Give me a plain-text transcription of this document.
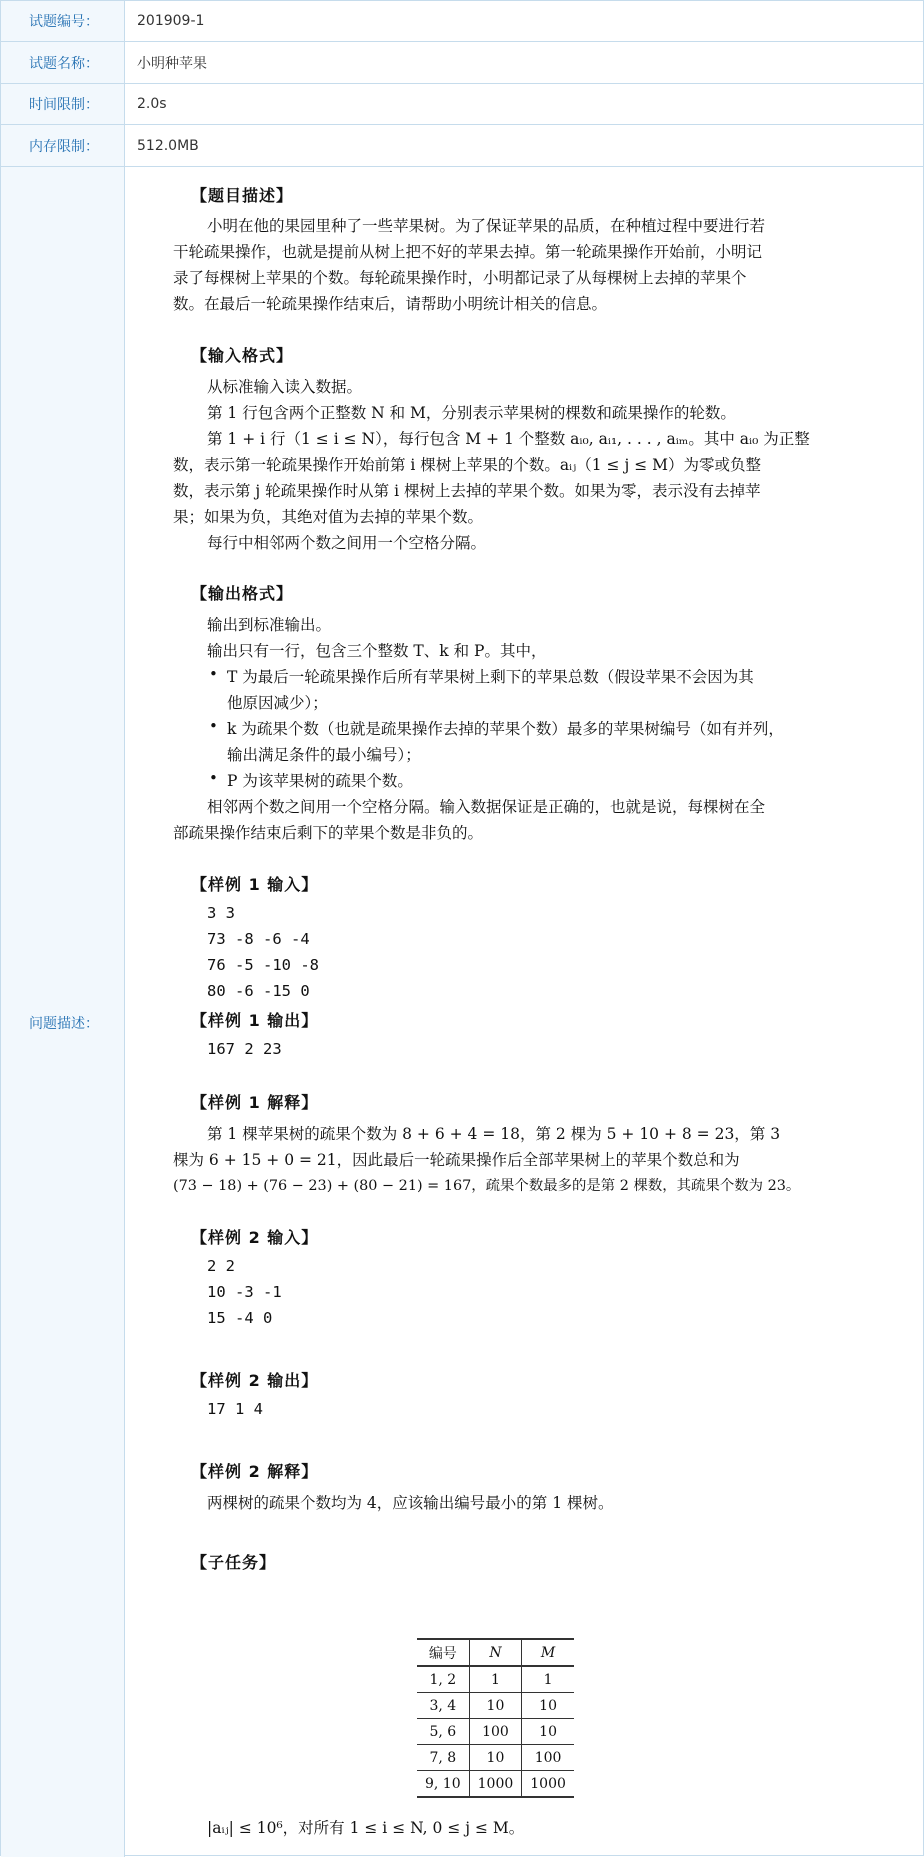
试题编号：	201909-1
试题名称：	小明种苹果
时间限制：	2.0s
内存限制：	512.0MB
问题描述：
【题目描述】
小明在他的果园里种了一些苹果树。为了保证苹果的品质，在种植过程中要进行若
干轮疏果操作，也就是提前从树上把不好的苹果去掉。第一轮疏果操作开始前，小明记
录了每棵树上苹果的个数。每轮疏果操作时，小明都记录了从每棵树上去掉的苹果个
数。在最后一轮疏果操作结束后，请帮助小明统计相关的信息。
【输入格式】
从标准输入读入数据。
第 1 行包含两个正整数 N 和 M，分别表示苹果树的棵数和疏果操作的轮数。
第 1 + i 行（1 ≤ i ≤ N），每行包含 M + 1 个整数 aᵢ₀, aᵢ₁, . . . , aᵢₘ。其中 aᵢ₀ 为正整
数，表示第一轮疏果操作开始前第 i 棵树上苹果的个数。aᵢⱼ（1 ≤ j ≤ M）为零或负整
数，表示第 j 轮疏果操作时从第 i 棵树上去掉的苹果个数。如果为零，表示没有去掉苹
果；如果为负，其绝对值为去掉的苹果个数。
每行中相邻两个数之间用一个空格分隔。
【输出格式】
输出到标准输出。
输出只有一行，包含三个整数 T、k 和 P。其中，
• T 为最后一轮疏果操作后所有苹果树上剩下的苹果总数（假设苹果不会因为其
他原因减少）；
• k 为疏果个数（也就是疏果操作去掉的苹果个数）最多的苹果树编号（如有并列，
输出满足条件的最小编号）；
• P 为该苹果树的疏果个数。
相邻两个数之间用一个空格分隔。输入数据保证是正确的，也就是说，每棵树在全
部疏果操作结束后剩下的苹果个数是非负的。
【样例 1 输入】
3 3
73 -8 -6 -4
76 -5 -10 -8
80 -6 -15 0
【样例 1 输出】
167 2 23
【样例 1 解释】
第 1 棵苹果树的疏果个数为 8 + 6 + 4 = 18，第 2 棵为 5 + 10 + 8 = 23，第 3
棵为 6 + 15 + 0 = 21，因此最后一轮疏果操作后全部苹果树上的苹果个数总和为
(73 − 18) + (76 − 23) + (80 − 21) = 167，疏果个数最多的是第 2 棵数，其疏果个数为 23。
【样例 2 输入】
2 2
10 -3 -1
15 -4 0
【样例 2 输出】
17 1 4
【样例 2 解释】
两棵树的疏果个数均为 4，应该输出编号最小的第 1 棵树。
【子任务】
编号	N	M
1, 2	1	1
3, 4	10	10
5, 6	100	10
7, 8	10	100
9, 10	1000	1000
|aᵢⱼ| ≤ 10⁶，对所有 1 ≤ i ≤ N, 0 ≤ j ≤ M。
